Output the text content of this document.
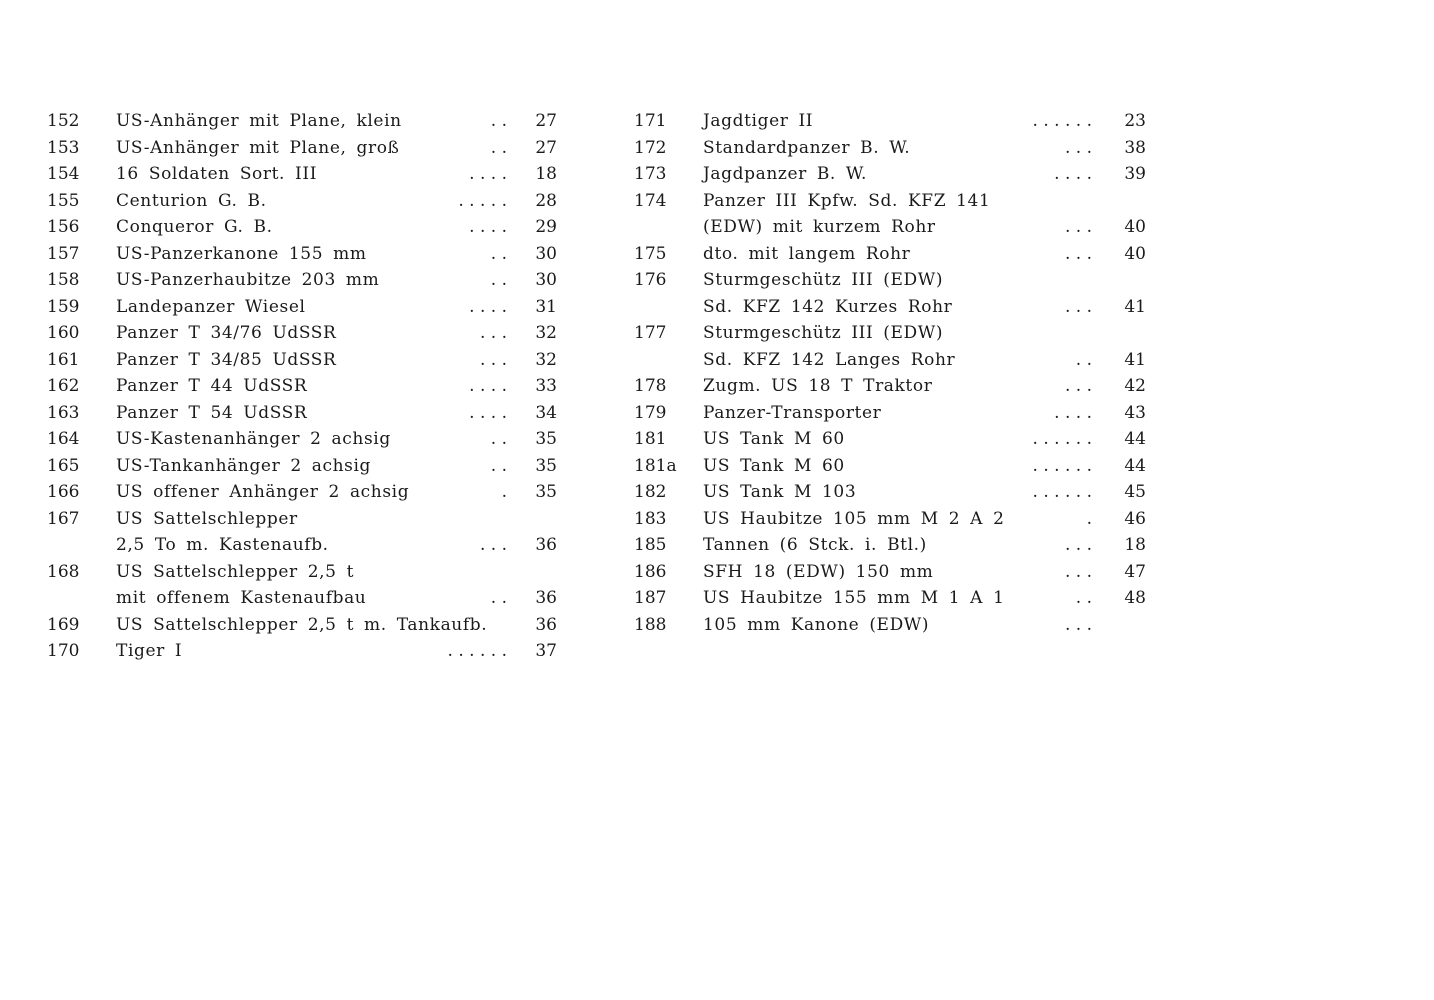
152 US-Anhänger mit Plane, klein	. . 27
153 US-Anhänger mit Plane, groß	. . 27
154 16 Soldaten Sort. III	. . . . 18
155 Centurion G. B.	. . . . . 28
156 Conqueror G. B.	. . . . 29
157 US-Panzerkanone 155 mm	. . 30
158 US-Panzerhaubitze 203 mm	. . 30
159 Landepanzer Wiesel	. . . . 31
160 Panzer T 34/76 UdSSR	. . . 32
161 Panzer T 34/85 UdSSR	. . . 32
162 Panzer T 44 UdSSR	. . . . 33
163 Panzer T 54 UdSSR	. . . . 34
164 US-Kastenanhänger 2 achsig	. . 35
165 US-Tankanhänger 2 achsig	. . 35
166 US offener Anhänger 2 achsig	. 35
167 US Sattelschlepper
2,5 To m. Kastenaufb.	. . . 36
168 US Sattelschlepper 2,5 t
mit offenem Kastenaufbau	. . 36
169 US Sattelschlepper 2,5 t m. Tankaufb.	36
170 Tiger I	. . . . . . 37
171 Jagdtiger II	. . . . . . 23
172 Standardpanzer B. W.	. . . 38
173 Jagdpanzer B. W.	. . . . 39
174 Panzer III Kpfw. Sd. KFZ 141
(EDW) mit kurzem Rohr	. . . 40
175 dto. mit langem Rohr	. . . 40
176 Sturmgeschütz III (EDW)
Sd. KFZ 142 Kurzes Rohr	. . . 41
177 Sturmgeschütz III (EDW)
Sd. KFZ 142 Langes Rohr	. . 41
178 Zugm. US 18 T Traktor	. . . 42
179 Panzer-Transporter	. . . . 43
181 US Tank M 60	. . . . . . 44
181a US Tank M 60	. . . . . . 44
182 US Tank M 103	. . . . . . 45
183 US Haubitze 105 mm M 2 A 2	. 46
185 Tannen (6 Stck. i. Btl.)	. . . 18
186 SFH 18 (EDW) 150 mm	. . . 47
187 US Haubitze 155 mm M 1 A 1	. . 48
188 105 mm Kanone (EDW)	. . .
